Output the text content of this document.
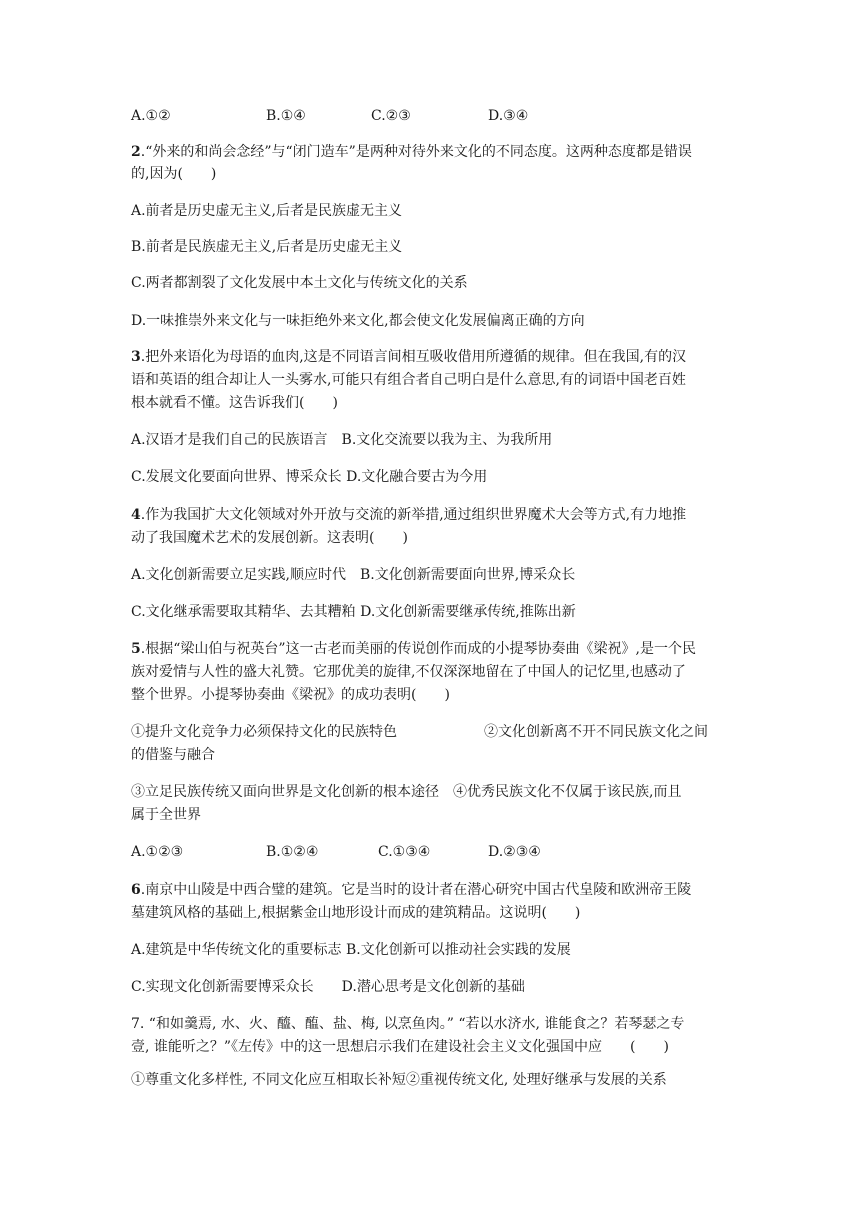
A.①②	B.①④	C.②③	D.③④
2.“外来的和尚会念经”与“闭门造车”是两种对待外来文化的不同态度。这两种态度都是错误
的,因为(　　)
A.前者是历史虚无主义,后者是民族虚无主义
B.前者是民族虚无主义,后者是历史虚无主义
C.两者都割裂了文化发展中本土文化与传统文化的关系
D.一味推崇外来文化与一味拒绝外来文化,都会使文化发展偏离正确的方向
3.把外来语化为母语的血肉,这是不同语言间相互吸收借用所遵循的规律。但在我国,有的汉
语和英语的组合却让人一头雾水,可能只有组合者自己明白是什么意思,有的词语中国老百姓
根本就看不懂。这告诉我们(　　)
A.汉语才是我们自己的民族语言　B.文化交流要以我为主、为我所用
C.发展文化要面向世界、博采众长 D.文化融合要古为今用
4.作为我国扩大文化领域对外开放与交流的新举措,通过组织世界魔术大会等方式,有力地推
动了我国魔术艺术的发展创新。这表明(　　)
A.文化创新需要立足实践,顺应时代　B.文化创新需要面向世界,博采众长
C.文化继承需要取其精华、去其糟粕 D.文化创新需要继承传统,推陈出新
5.根据“梁山伯与祝英台”这一古老而美丽的传说创作而成的小提琴协奏曲《梁祝》,是一个民
族对爱情与人性的盛大礼赞。它那优美的旋律,不仅深深地留在了中国人的记忆里,也感动了
整个世界。小提琴协奏曲《梁祝》的成功表明(　　)
①提升文化竞争力必须保持文化的民族特色	②文化创新离不开不同民族文化之间
的借鉴与融合
③立足民族传统又面向世界是文化创新的根本途径　④优秀民族文化不仅属于该民族,而且
属于全世界
A.①②③	B.①②④	C.①③④	D.②③④
6.南京中山陵是中西合璧的建筑。它是当时的设计者在潜心研究中国古代皇陵和欧洲帝王陵
墓建筑风格的基础上,根据紫金山地形设计而成的建筑精品。这说明(　　)
A.建筑是中华传统文化的重要标志 B.文化创新可以推动社会实践的发展
C.实现文化创新需要博采众长　　D.潜心思考是文化创新的基础
7. “和如羹焉, 水、火、醯、醢、盐、梅, 以烹鱼肉。” “若以水济水, 谁能食之？若琴瑟之专
壹, 谁能听之？”《左传》中的这一思想启示我们在建设社会主义文化强国中应　　(　　)
①尊重文化多样性, 不同文化应互相取长补短②重视传统文化, 处理好继承与发展的关系
